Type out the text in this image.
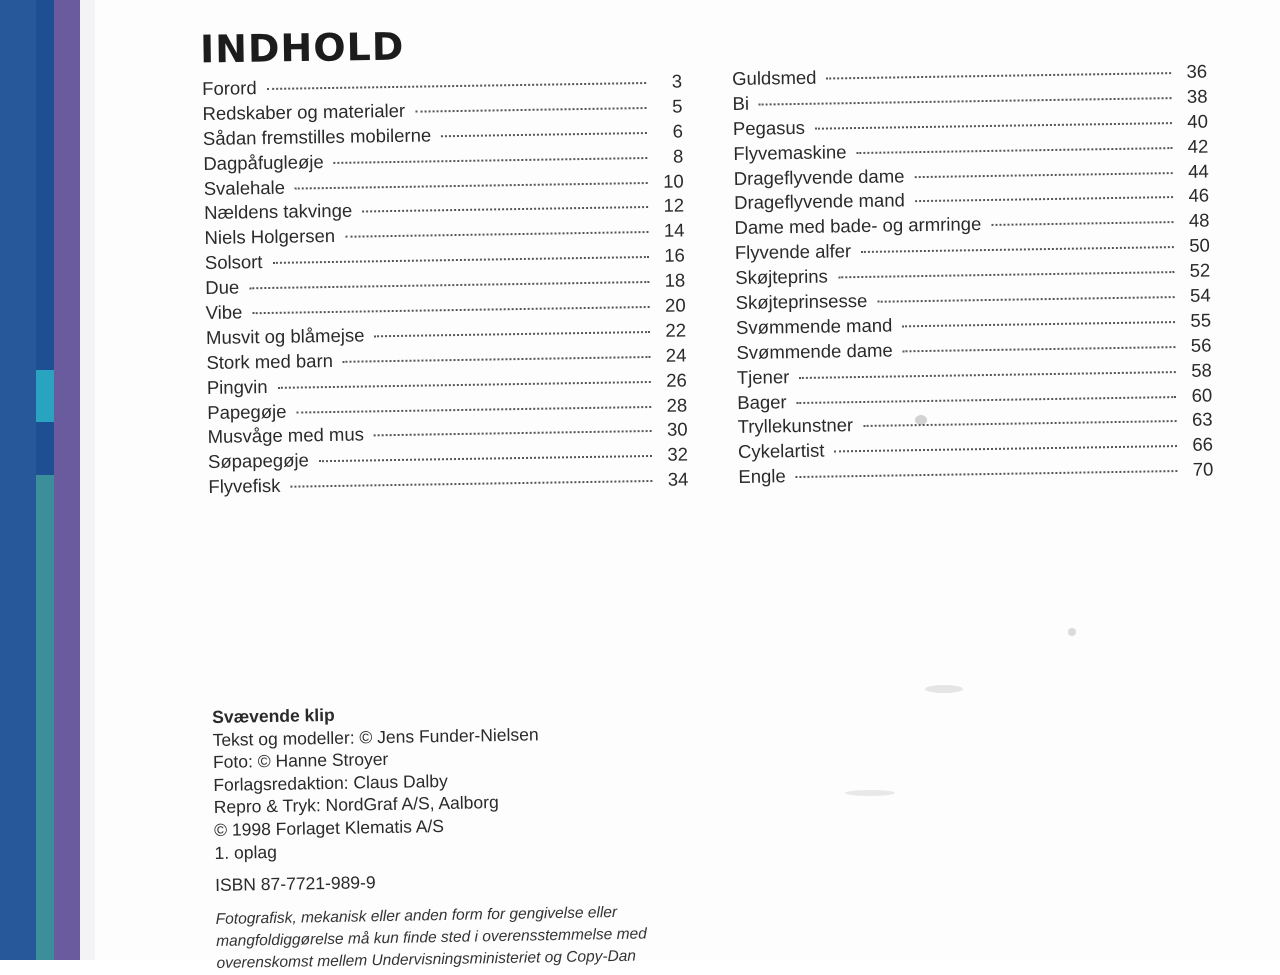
INDHOLD
Forord	3
Redskaber og materialer	5
Sådan fremstilles mobilerne	6
Dagpåfugleøje	8
Svalehale	10
Nældens takvinge	12
Niels Holgersen	14
Solsort	16
Due	18
Vibe	20
Musvit og blåmejse	22
Stork med barn	24
Pingvin	26
Papegøje	28
Musvåge med mus	30
Søpapegøje	32
Flyvefisk	34
Guldsmed	36
Bi	38
Pegasus	40
Flyvemaskine	42
Drageflyvende dame	44
Drageflyvende mand	46
Dame med bade- og armringe	48
Flyvende alfer	50
Skøjteprins	52
Skøjteprinsesse	54
Svømmende mand	55
Svømmende dame	56
Tjener	58
Bager	60
Tryllekunstner	63
Cykelartist	66
Engle	70
Svævende klip
Tekst og modeller: © Jens Funder-Nielsen
Foto: © Hanne Stroyer
Forlagsredaktion: Claus Dalby
Repro & Tryk: NordGraf A/S, Aalborg
© 1998 Forlaget Klematis A/S
1. oplag
ISBN 87-7721-989-9
Fotografisk, mekanisk eller anden form for gengivelse eller
mangfoldiggørelse må kun finde sted i overensstemmelse med
overenskomst mellem Undervisningsministeriet og Copy-Dan
